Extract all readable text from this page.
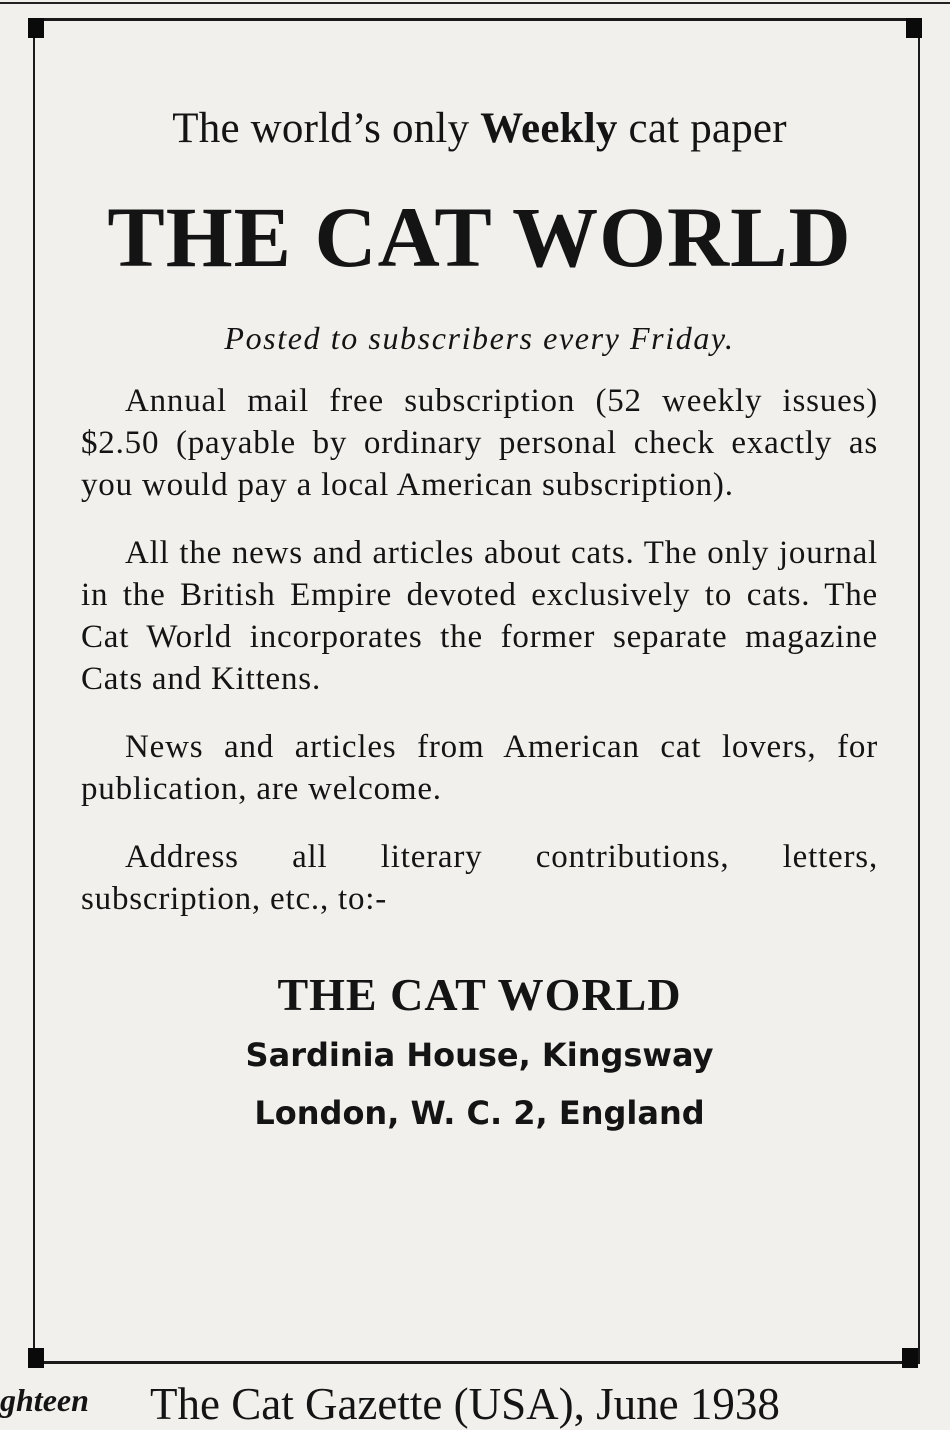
The world’s only Weekly cat paper

THE CAT WORLD

Posted to subscribers every Friday.

Annual mail free subscription (52 weekly issues) $2.50 (payable by ordinary personal check exactly as you would pay a local American subscription).

All the news and articles about cats. The only journal in the British Empire devoted exclusively to cats. The Cat World incorporates the former separate magazine Cats and Kittens.

News and articles from American cat lovers, for publication, are welcome.

Address all literary contributions, letters, subscription, etc., to:-

THE CAT WORLD
Sardinia House, Kingsway
London, W. C. 2, England
ghteen	The Cat Gazette (USA), June 1938
